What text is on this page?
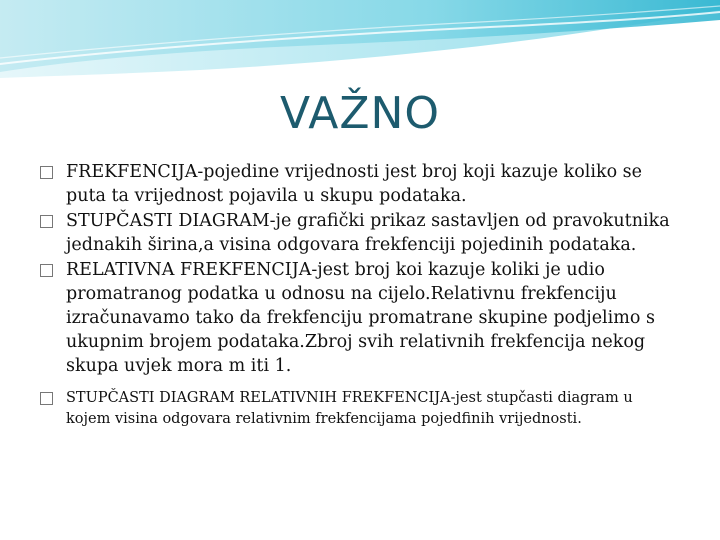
VAŽNO
FREKFENCIJA-pojedine vrijednosti jest broj koji kazuje koliko se puta ta vrijednost pojavila u skupu podataka.
STUPČASTI DIAGRAM-je grafički prikaz sastavljen od pravokutnika jednakih širina,a visina odgovara frekfenciji pojedinih podataka.
RELATIVNA FREKFENCIJA-jest broj koi kazuje koliki je udio promatranog podatka u odnosu na cijelo.Relativnu frekfenciju izračunavamo tako da frekfenciju promatrane skupine podjelimo s ukupnim brojem podataka.Zbroj svih relativnih frekfencija nekog skupa uvjek mora m iti 1.
STUPČASTI DIAGRAM RELATIVNIH FREKFENCIJA-jest stupčasti diagram u kojem visina odgovara relativnim frekfencijama pojedfinih vrijednosti.
